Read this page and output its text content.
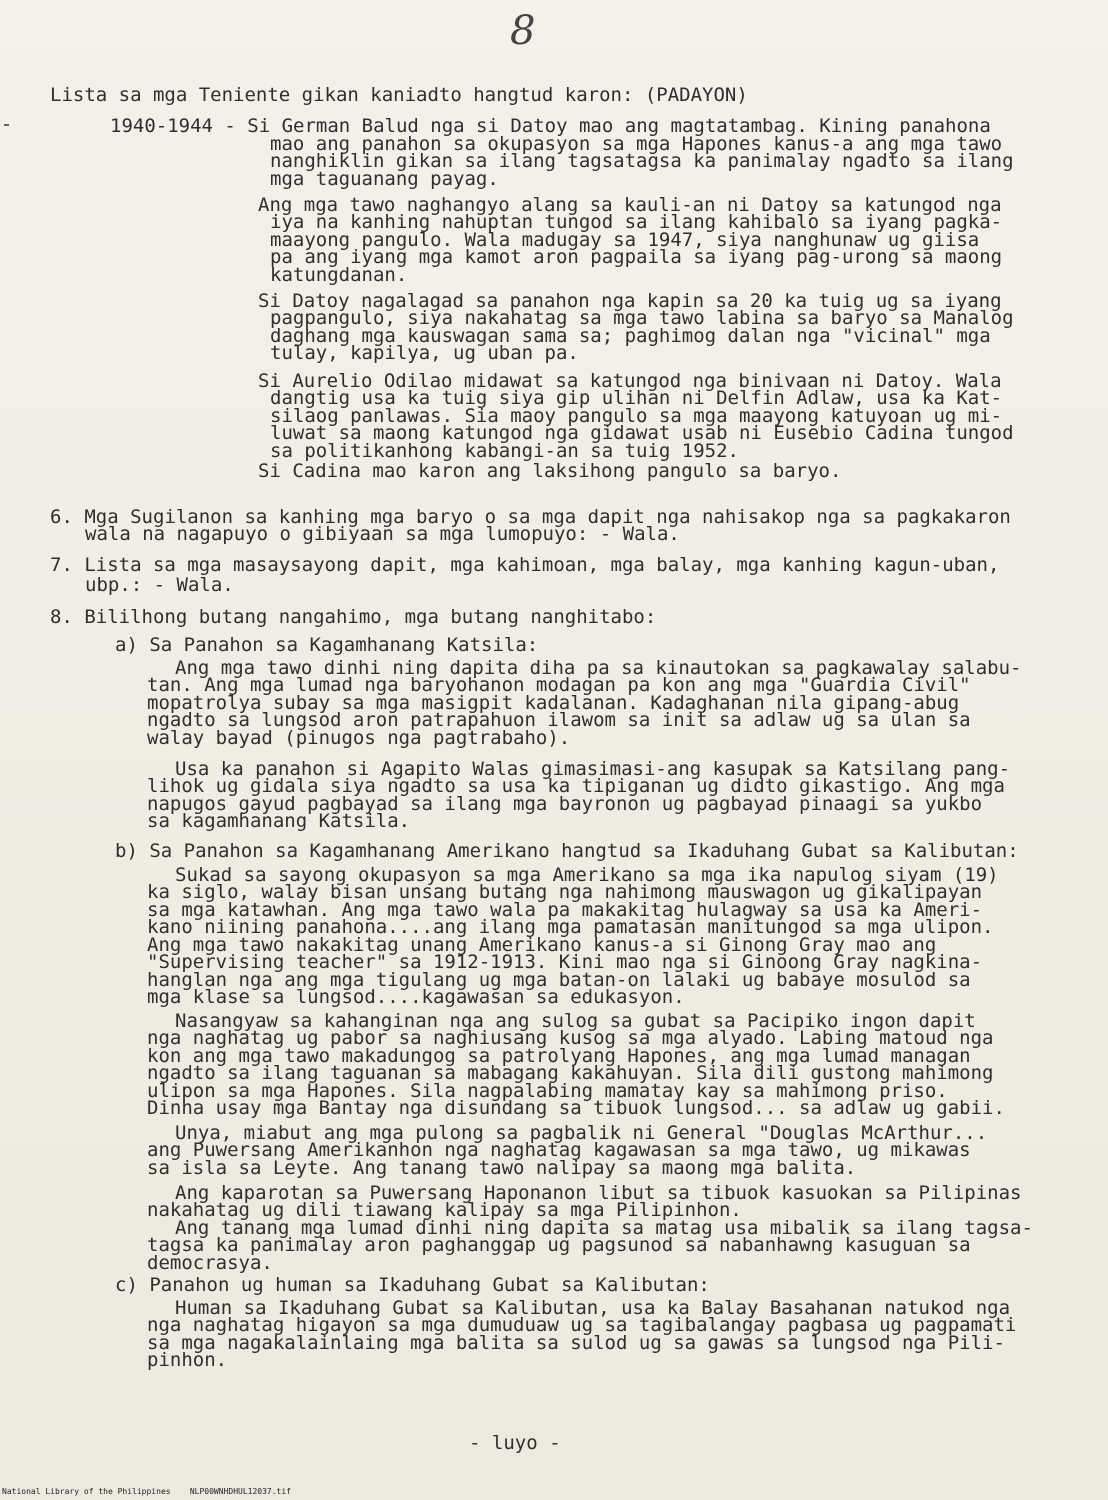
8
Lista sa mga Teniente gikan kaniadto hangtud karon: (PADAYON)
1940-1944 - Si German Balud nga si Datoy mao ang magtatambag. Kining panahona
mao ang panahon sa okupasyon sa mga Hapones kanus-a ang mga tawo
nanghiklin gikan sa ilang tagsatagsa ka panimalay ngadto sa ilang
mga taguanang payag.
Ang mga tawo naghangyo alang sa kauli-an ni Datoy sa katungod nga
iya na kanhing nahuptan tungod sa ilang kahibalo sa iyang pagka-
maayong pangulo. Wala madugay sa 1947, siya nanghunaw ug giisa
pa ang iyang mga kamot aron pagpaila sa iyang pag-urong sa maong
katungdanan.
Si Datoy nagalagad sa panahon nga kapin sa 20 ka tuig ug sa iyang
pagpangulo, siya nakahatag sa mga tawo labina sa baryo sa Manalog
daghang mga kauswagan sama sa; paghimog dalan nga "vicinal" mga
tulay, kapilya, ug uban pa.
Si Aurelio Odilao midawat sa katungod nga binivaan ni Datoy. Wala
dangtig usa ka tuig siya gip ulihan ni Delfin Adlaw, usa ka Kat-
silaog panlawas. Sia maoy pangulo sa mga maayong katuyoan ug mi-
luwat sa maong katungod nga gidawat usab ni Eusebio Cadina tungod
sa politikanhong kabangi-an sa tuig 1952.
Si Cadina mao karon ang laksihong pangulo sa baryo.
6. Mga Sugilanon sa kanhing mga baryo o sa mga dapit nga nahisakop nga sa pagkakaron
wala na nagapuyo o gibiyaan sa mga lumopuyo: - Wala.
7. Lista sa mga masaysayong dapit, mga kahimoan, mga balay, mga kanhing kagun-uban,
ubp.: - Wala.
8. Bililhong butang nangahimo, mga butang nanghitabo:
a) Sa Panahon sa Kagamhanang Katsila:
Ang mga tawo dinhi ning dapita diha pa sa kinautokan sa pagkawalay salabu-
tan. Ang mga lumad nga baryohanon modagan pa kon ang mga "Guardia Civil"
mopatrolya subay sa mga masigpit kadalanan. Kadaghanan nila gipang-abug
ngadto sa lungsod aron patrapahuon ilawom sa init sa adlaw ug sa ulan sa
walay bayad (pinugos nga pagtrabaho).
Usa ka panahon si Agapito Walas gimasimasi-ang kasupak sa Katsilang pang-
lihok ug gidala siya ngadto sa usa ka tipiganan ug didto gikastigo. Ang mga
napugos gayud pagbayad sa ilang mga bayronon ug pagbayad pinaagi sa yukbo
sa kagamhanang Katsila.
b) Sa Panahon sa Kagamhanang Amerikano hangtud sa Ikaduhang Gubat sa Kalibutan:
Sukad sa sayong okupasyon sa mga Amerikano sa mga ika napulog siyam (19)
ka siglo, walay bisan unsang butang nga nahimong mauswagon ug gikalipayan
sa mga katawhan. Ang mga tawo wala pa makakitag hulagway sa usa ka Ameri-
kano niining panahona....ang ilang mga pamatasan manitungod sa mga ulipon.
Ang mga tawo nakakitag unang Amerikano kanus-a si Ginong Gray mao ang
"Supervising teacher" sa 1912-1913. Kini mao nga si Ginoong Gray nagkina-
hanglan nga ang mga tigulang ug mga batan-on lalaki ug babaye mosulod sa
mga klase sa lungsod....kagawasan sa edukasyon.
Nasangyaw sa kahanginan nga ang sulog sa gubat sa Pacipiko ingon dapit
nga naghatag ug pabor sa naghiusang kusog sa mga alyado. Labing matoud nga
kon ang mga tawo makadungog sa patrolyang Hapones, ang mga lumad managan
ngadto sa ilang taguanan sa mabagang kakahuyan. Sila dili gustong mahimong
ulipon sa mga Hapones. Sila nagpalabing mamatay kay sa mahimong priso.
Dinha usay mga Bantay nga disundang sa tibuok lungsod... sa adlaw ug gabii.
Unya, miabut ang mga pulong sa pagbalik ni General "Douglas McArthur...
ang Puwersang Amerikanhon nga naghatag kagawasan sa mga tawo, ug mikawas
sa isla sa Leyte. Ang tanang tawo nalipay sa maong mga balita.
Ang kaparotan sa Puwersang Haponanon libut sa tibuok kasuokan sa Pilipinas
nakahatag ug dili tiawang kalipay sa mga Pilipinhon.
Ang tanang mga lumad dinhi ning dapita sa matag usa mibalik sa ilang tagsa-
tagsa ka panimalay aron paghanggap ug pagsunod sa nabanhawng kasuguan sa
democrasya.
c) Panahon ug human sa Ikaduhang Gubat sa Kalibutan:
Human sa Ikaduhang Gubat sa Kalibutan, usa ka Balay Basahanan natukod nga
nga naghatag higayon sa mga dumuduaw ug sa tagibalangay pagbasa ug pagpamati
sa mga nagakalainlaing mga balita sa sulod ug sa gawas sa lungsod nga Pili-
pinhon.
- luyo -
National Library of the Philippines    NLP00WNHDHUL12037.tif
